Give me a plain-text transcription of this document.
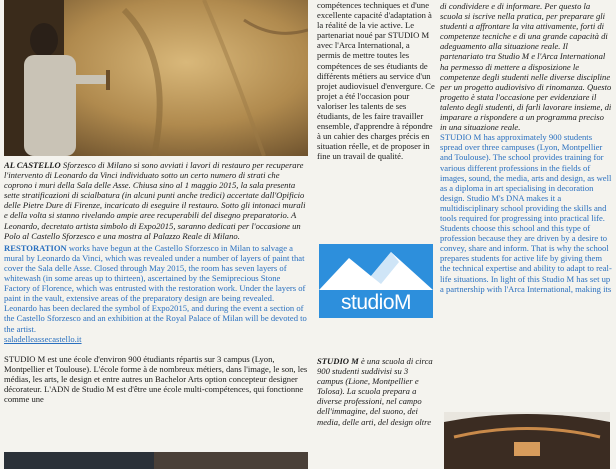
AL CASTELLO Sforzesco di Milano si sono avviati i lavori di restauro per recuperare l'intervento di Leonardo da Vinci individuato sotto un certo numero di strati che coprono i muri della Sala delle Asse. Chiusa sino al 1 maggio 2015, la sala presenta sette stratificazioni di scialbatura (in alcuni punti anche tredici) accertate dall'Opificio delle Pietre Dure di Firenze, incaricato di eseguire il restauro. Sotto gli intonaci murali e della volta si stanno rivelando ampie aree recuperabili del disegno preparatorio. A Leonardo, decretato artista simbolo di Expo2015, saranno dedicati per l'occasione un Polo al Castello Sforzesco e una mostra al Palazzo Reale di Milano.

RESTORATION works have begun at the Castello Sforzesco in Milan to salvage a mural by Leonardo da Vinci, which was revealed under a number of layers of paint that cover the Sala delle Asse. Closed through May 2015, the room has seven layers of whitewash (in some areas up to thirteen), ascertained by the Semiprecious Stone Factory of Florence, which was entrusted with the restoration work. Under the layers of paint in the vault, extensive areas of the preparatory design are being revealed. Leonardo has been declared the symbol of Expo2015, and during the event a section of the Castello Sforzesco and an exhibition at the Royal Palace of Milan will be devoted to the artist.

saladelleassecastello.it

STUDIO M est une école d'environ 900 étudiants répartis sur 3 campus (Lyon, Montpellier et Toulouse). L'école forme à de nombreux métiers, dans l'image, le son, les médias, les arts, le design et entre autres un Bachelor Arts option concepteur designer décorateur. L'ADN de Studio M est d'être une école multi-compétences, qui fonctionne comme une

compétences techniques et d'une excellente capacité d'adaptation à la réalité de la vie active. Le partenariat noué par STUDIO M avec l'Arca International, a permis de mettre toutes les compétences de ses étudiants de différents métiers au service d'un projet audiovisuel d'envergure. Ce projet a été l'occasion pour valoriser les talents de ses étudiants, de les faire travailler ensemble, d'apprendre à répondre à un cahier des charges précis en situation réelle, et de proposer in fine un travail de qualité.

studioM

STUDIO M è una scuola di circa 900 studenti suddivisi su 3 campus (Lione, Montpellier e Tolosa). La scuola prepara a diverse professioni, nel campo dell'immagine, del suono, dei media, delle arti, del design oltre

di condividere e di informare. Per questo la scuola si iscrive nella pratica, per preparare gli studenti a affrontare la vita attivamente, forti di competenze tecniche e di una grande capacità di adeguamento alla situazione reale. Il partenariato tra Studio M e l'Arca International ha permesso di mettere a disposizione le competenze degli studenti nelle diverse discipline per un progetto audiovisivo di rinomanza. Questo progetto è stata l'occasione per evidenziare il talento degli studenti, di farli lavorare insieme, di imparare a rispondere a un programma preciso in una situazione reale.

STUDIO M has approximately 900 students spread over three campuses (Lyon, Montpellier and Toulouse). The school provides training for various different professions in the fields of images, sound, the media, arts and design, as well as a diploma in art specialising in decoration design. Studio M's DNA makes it a multidisciplinary school providing the skills and tools required for progressing into practical life. Students choose this school and this type of profession because they are driven by a desire to convey, share and inform. That is why the school prepares students for active life by giving them the technical expertise and ability to adapt to real-life situations. In light of this Studio M has set up a partnership with l'Arca International, making its
